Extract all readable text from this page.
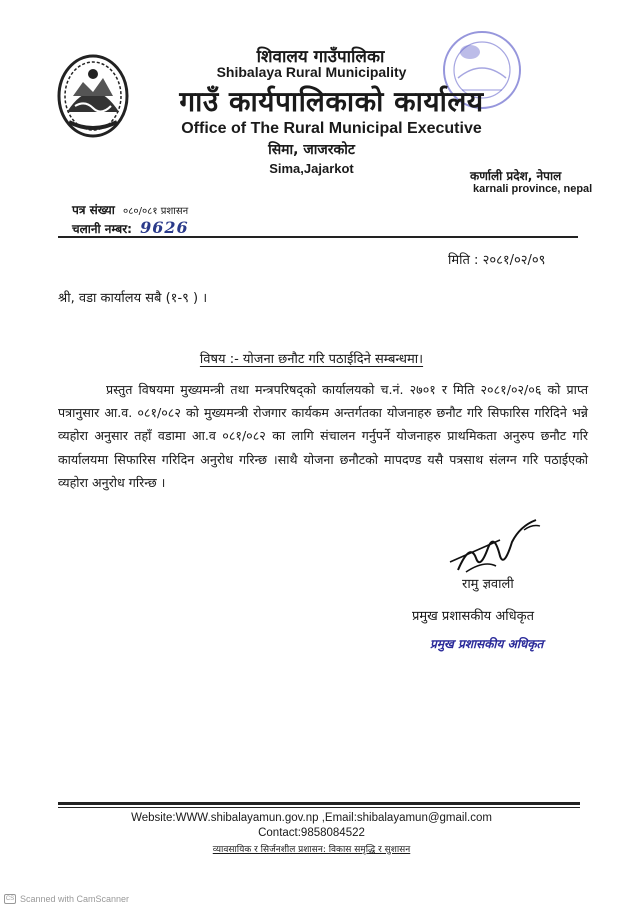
शिवालय गाउँपालिका
Shibalaya Rural Municipality
गाउँ कार्यपालिकाको कार्यालय
Office of The Rural Municipal Executive
सिमा, जाजरकोट
Sima,Jajarkot	कर्णाली प्रदेश, नेपाल
karnali province, nepal
पत्र संख्या ०८०/०८१ प्रशासन
चलानी नम्बर: 9626
मिति : २०८१/०२/०९
श्री, वडा कार्यालय सबै (१-९ ) ।
विषय :- योजना छनौट गरि पठाईदिने सम्बन्धमा।
प्रस्तुत विषयमा मुख्यमन्त्री तथा मन्त्रपरिषद्को कार्यालयको च.नं. २७०१ र मिति २०८१/०२/०६ को प्राप्त पत्रानुसार आ.व. ०८१/०८२ को मुख्यमन्त्री रोजगार कार्यकम अन्तर्गतका योजनाहरु छनौट गरि सिफारिस गरिदिने भन्ने व्यहोरा अनुसार तहाँ वडामा आ.व ०८१/०८२ का लागि संचालन गर्नुपर्ने योजनाहरु प्राथमिकता अनुरुप छनौट गरि कार्यालयमा सिफारिस गरिदिन अनुरोध गरिन्छ ।साथै योजना छनौटको मापदण्ड यसै पत्रसाथ संलग्न गरि पठाईएको व्यहोरा अनुरोध गरिन्छ ।
रामु ज्ञवाली
प्रमुख प्रशासकीय अधिकृत
प्रमुख प्रशासकीय अधिकृत
Website:WWW.shibalayamun.gov.np ,Email:shibalayamun@gmail.com
Contact:9858084522
व्यावसायिक र सिर्जनशील प्रशासन: विकास समृद्धि र सुशासन
CS Scanned with CamScanner
